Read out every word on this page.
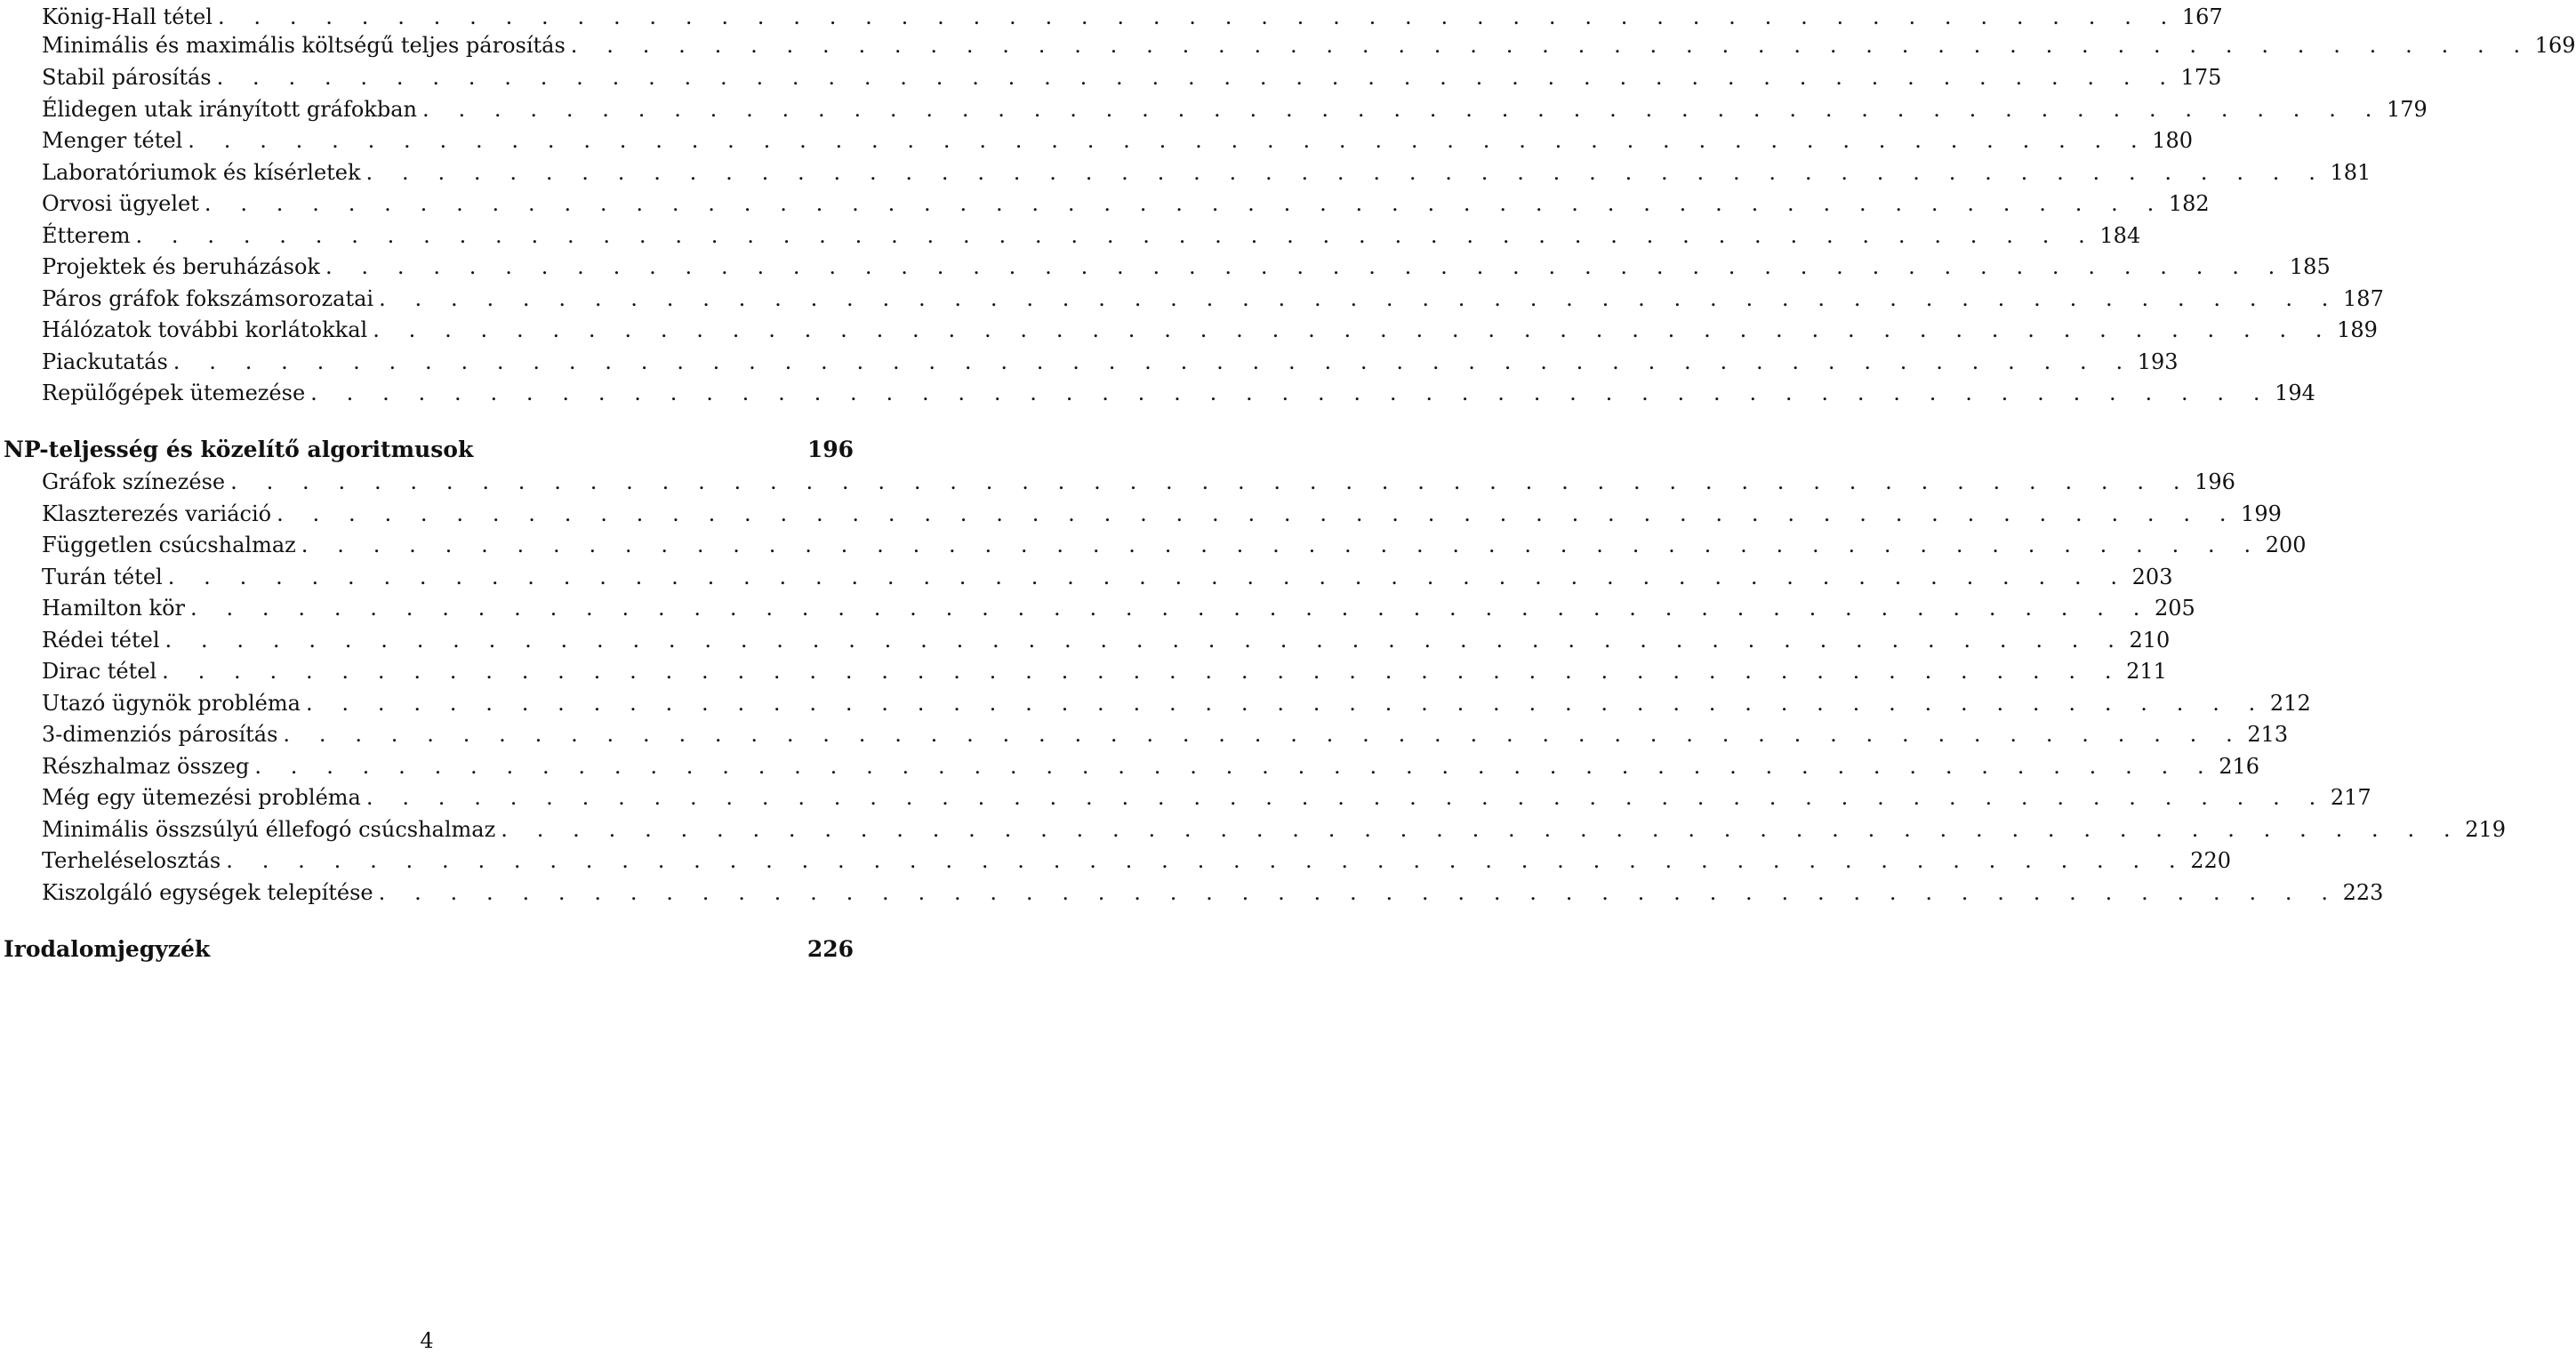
König-Hall tétel . . . . . . . . . . . . . . . . . . . . . . . . . . . . . . . . . . . . . . . . . . . . . . . . . . . . . . . 167
Minimális és maximális költségű teljes párosítás . . . . . . . . . . . . . . . . . . . . . . . . . . . . . . . . . . . . . . . . . . . . . . . . . . . . . . . 169
Stabil párosítás . . . . . . . . . . . . . . . . . . . . . . . . . . . . . . . . . . . . . . . . . . . . . . . . . . . . . . . 175
Élidegen utak irányított gráfokban . . . . . . . . . . . . . . . . . . . . . . . . . . . . . . . . . . . . . . . . . . . . . . . . . . . . . . . 179
Menger tétel . . . . . . . . . . . . . . . . . . . . . . . . . . . . . . . . . . . . . . . . . . . . . . . . . . . . . . . 180
Laboratóriumok és kísérletek . . . . . . . . . . . . . . . . . . . . . . . . . . . . . . . . . . . . . . . . . . . . . . . . . . . . . . . 181
Orvosi ügyelet . . . . . . . . . . . . . . . . . . . . . . . . . . . . . . . . . . . . . . . . . . . . . . . . . . . . . . . 182
Étterem . . . . . . . . . . . . . . . . . . . . . . . . . . . . . . . . . . . . . . . . . . . . . . . . . . . . . . . 184
Projektek és beruházások . . . . . . . . . . . . . . . . . . . . . . . . . . . . . . . . . . . . . . . . . . . . . . . . . . . . . . . 185
Páros gráfok fokszámsorozatai . . . . . . . . . . . . . . . . . . . . . . . . . . . . . . . . . . . . . . . . . . . . . . . . . . . . . . . 187
Hálózatok további korlátokkal . . . . . . . . . . . . . . . . . . . . . . . . . . . . . . . . . . . . . . . . . . . . . . . . . . . . . . . 189
Piackutatás . . . . . . . . . . . . . . . . . . . . . . . . . . . . . . . . . . . . . . . . . . . . . . . . . . . . . . . 193
Repülőgépek ütemezése . . . . . . . . . . . . . . . . . . . . . . . . . . . . . . . . . . . . . . . . . . . . . . . . . . . . . . . 194
NP-teljesség és közelítő algoritmusok	196
Gráfok színezése . . . . . . . . . . . . . . . . . . . . . . . . . . . . . . . . . . . . . . . . . . . . . . . . . . . . . . . 196
Klaszterezés variáció . . . . . . . . . . . . . . . . . . . . . . . . . . . . . . . . . . . . . . . . . . . . . . . . . . . . . . . 199
Független csúcshalmaz . . . . . . . . . . . . . . . . . . . . . . . . . . . . . . . . . . . . . . . . . . . . . . . . . . . . . . . 200
Turán tétel . . . . . . . . . . . . . . . . . . . . . . . . . . . . . . . . . . . . . . . . . . . . . . . . . . . . . . . 203
Hamilton kör . . . . . . . . . . . . . . . . . . . . . . . . . . . . . . . . . . . . . . . . . . . . . . . . . . . . . . . 205
Rédei tétel . . . . . . . . . . . . . . . . . . . . . . . . . . . . . . . . . . . . . . . . . . . . . . . . . . . . . . . 210
Dirac tétel . . . . . . . . . . . . . . . . . . . . . . . . . . . . . . . . . . . . . . . . . . . . . . . . . . . . . . . 211
Utazó ügynök probléma . . . . . . . . . . . . . . . . . . . . . . . . . . . . . . . . . . . . . . . . . . . . . . . . . . . . . . . 212
3-dimenziós párosítás . . . . . . . . . . . . . . . . . . . . . . . . . . . . . . . . . . . . . . . . . . . . . . . . . . . . . . . 213
Részhalmaz összeg . . . . . . . . . . . . . . . . . . . . . . . . . . . . . . . . . . . . . . . . . . . . . . . . . . . . . . . 216
Még egy ütemezési probléma . . . . . . . . . . . . . . . . . . . . . . . . . . . . . . . . . . . . . . . . . . . . . . . . . . . . . . . 217
Minimális összsúlyú éllefogó csúcshalmaz . . . . . . . . . . . . . . . . . . . . . . . . . . . . . . . . . . . . . . . . . . . . . . . . . . . . . . . 219
Terheléselosztás . . . . . . . . . . . . . . . . . . . . . . . . . . . . . . . . . . . . . . . . . . . . . . . . . . . . . . . 220
Kiszolgáló egységek telepítése . . . . . . . . . . . . . . . . . . . . . . . . . . . . . . . . . . . . . . . . . . . . . . . . . . . . . . . 223
Irodalomjegyzék	226
4
